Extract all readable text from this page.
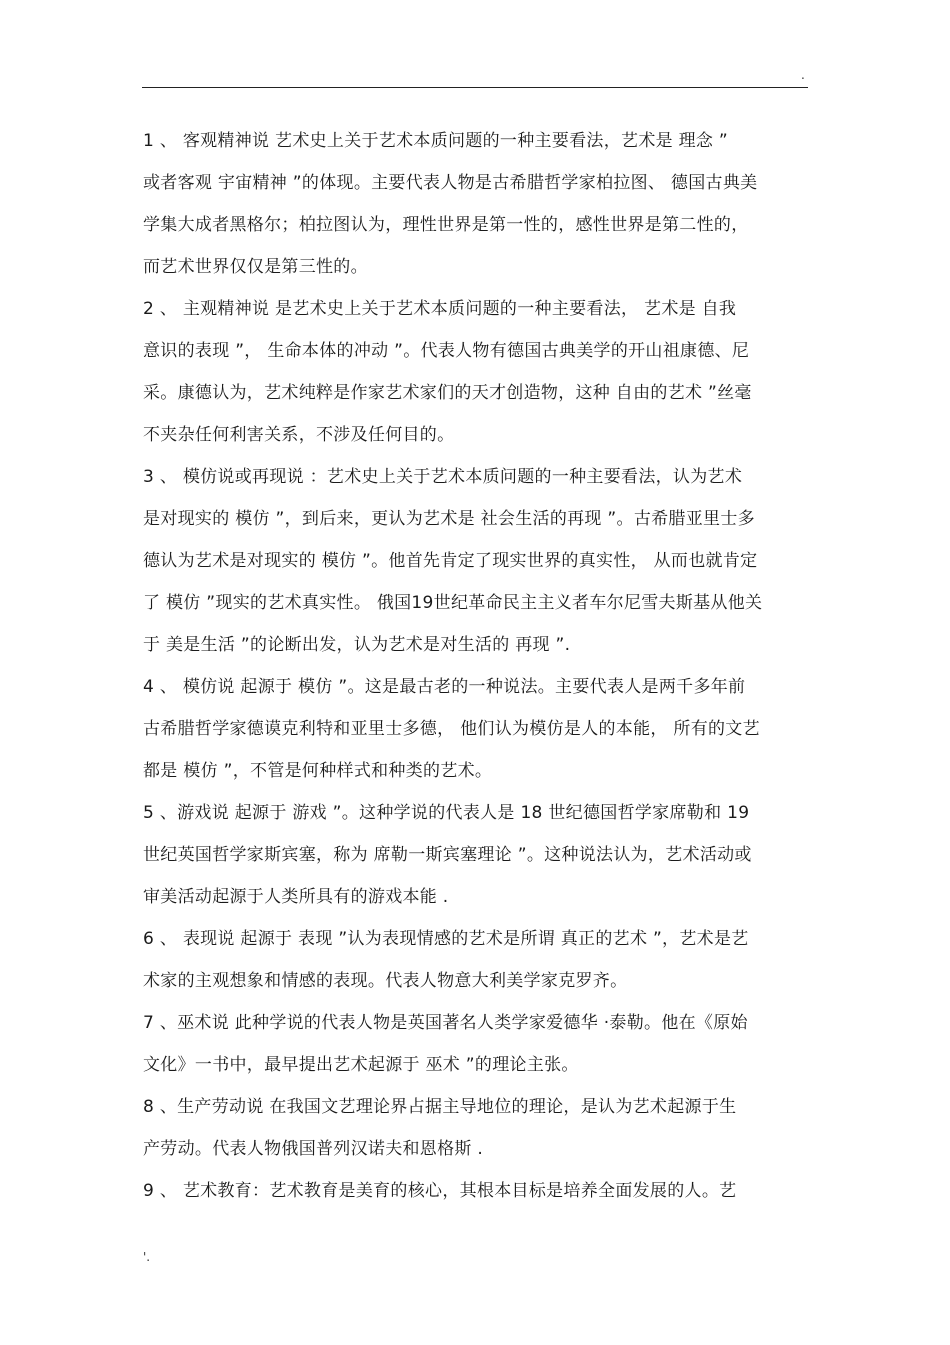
.
1 、 客观精神说 艺术史上关于艺术本质问题的一种主要看法，艺术是 理念 ”
或者客观 宇宙精神 ”的体现。主要代表人物是古希腊哲学家柏拉图、 德国古典美
学集大成者黑格尔；柏拉图认为，理性世界是第一性的，感性世界是第二性的，
而艺术世界仅仅是第三性的。
2 、 主观精神说 是艺术史上关于艺术本质问题的一种主要看法， 艺术是 自我
意识的表现 ”， 生命本体的冲动 ”。代表人物有德国古典美学的开山祖康德、尼
采。康德认为，艺术纯粹是作家艺术家们的天才创造物，这种 自由的艺术 ”丝毫
不夹杂任何利害关系，不涉及任何目的。
3 、 模仿说或再现说 ：艺术史上关于艺术本质问题的一种主要看法，认为艺术
是对现实的 模仿 ”，到后来，更认为艺术是 社会生活的再现 ”。古希腊亚里士多
德认为艺术是对现实的 模仿 ”。他首先肯定了现实世界的真实性， 从而也就肯定
了 模仿 ”现实的艺术真实性。 俄国19世纪革命民主主义者车尔尼雪夫斯基从他关
于 美是生活 ”的论断出发，认为艺术是对生活的 再现 ”.
4 、 模仿说 起源于 模仿 ”。这是最古老的一种说法。主要代表人是两千多年前
古希腊哲学家德谟克利特和亚里士多德， 他们认为模仿是人的本能， 所有的文艺
都是 模仿 ”，不管是何种样式和种类的艺术。
5 、游戏说 起源于 游戏 ”。这种学说的代表人是 18 世纪德国哲学家席勒和 19
世纪英国哲学家斯宾塞，称为 席勒一斯宾塞理论 ”。这种说法认为，艺术活动或
审美活动起源于人类所具有的游戏本能 .
6 、 表现说 起源于 表现 ”认为表现情感的艺术是所谓 真正的艺术 ”，艺术是艺
术家的主观想象和情感的表现。代表人物意大利美学家克罗齐。
7 、巫术说 此种学说的代表人物是英国著名人类学家爱德华 ·泰勒。他在《原始
文化》一书中，最早提出艺术起源于 巫术 ”的理论主张。
8 、生产劳动说 在我国文艺理论界占据主导地位的理论，是认为艺术起源于生
产劳动。代表人物俄国普列汉诺夫和恩格斯 .
9 、 艺术教育：艺术教育是美育的核心，其根本目标是培养全面发展的人。艺
'.
